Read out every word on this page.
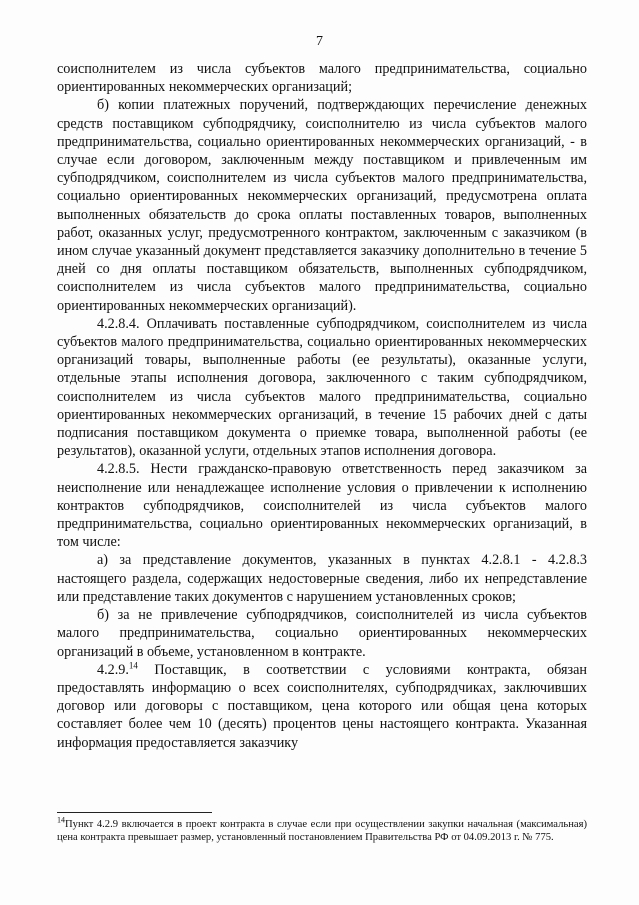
7

соисполнителем из числа субъектов малого предпринимательства, социально ориентированных некоммерческих организаций;

б) копии платежных поручений, подтверждающих перечисление денежных средств поставщиком субподрядчику, соисполнителю из числа субъектов малого предпринимательства, социально ориентированных некоммерческих организаций, - в случае если договором, заключенным между поставщиком и привлеченным им субподрядчиком, соисполнителем из числа субъектов малого предпринимательства, социально ориентированных некоммерческих организаций, предусмотрена оплата выполненных обязательств до срока оплаты поставленных товаров, выполненных работ, оказанных услуг, предусмотренного контрактом, заключенным с заказчиком (в ином случае указанный документ представляется заказчику дополнительно в течение 5 дней со дня оплаты поставщиком обязательств, выполненных субподрядчиком, соисполнителем из числа субъектов малого предпринимательства, социально ориентированных некоммерческих организаций).

4.2.8.4. Оплачивать поставленные субподрядчиком, соисполнителем из числа субъектов малого предпринимательства, социально ориентированных некоммерческих организаций товары, выполненные работы (ее результаты), оказанные услуги, отдельные этапы исполнения договора, заключенного с таким субподрядчиком, соисполнителем из числа субъектов малого предпринимательства, социально ориентированных некоммерческих организаций, в течение 15 рабочих дней с даты подписания поставщиком документа о приемке товара, выполненной работы (ее результатов), оказанной услуги, отдельных этапов исполнения договора.

4.2.8.5. Нести гражданско-правовую ответственность перед заказчиком за неисполнение или ненадлежащее исполнение условия о привлечении к исполнению контрактов субподрядчиков, соисполнителей из числа субъектов малого предпринимательства, социально ориентированных некоммерческих организаций, в том числе:

а) за представление документов, указанных в пунктах 4.2.8.1 - 4.2.8.3 настоящего раздела, содержащих недостоверные сведения, либо их непредставление или представление таких документов с нарушением установленных сроков;

б) за не привлечение субподрядчиков, соисполнителей из числа субъектов малого предпринимательства, социально ориентированных некоммерческих организаций в объеме, установленном в контракте.

4.2.9.14 Поставщик, в соответствии с условиями контракта, обязан предоставлять информацию о всех соисполнителях, субподрядчиках, заключивших договор или договоры с поставщиком, цена которого или общая цена которых составляет более чем 10 (десять) процентов цены настоящего контракта. Указанная информация предоставляется заказчику

$^{14}$Пункт 4.2.9 включается в проект контракта в случае если при осуществлении закупки начальная (максимальная) цена контракта превышает размер, установленный постановлением Правительства РФ от 04.09.2013 г. № 775.
